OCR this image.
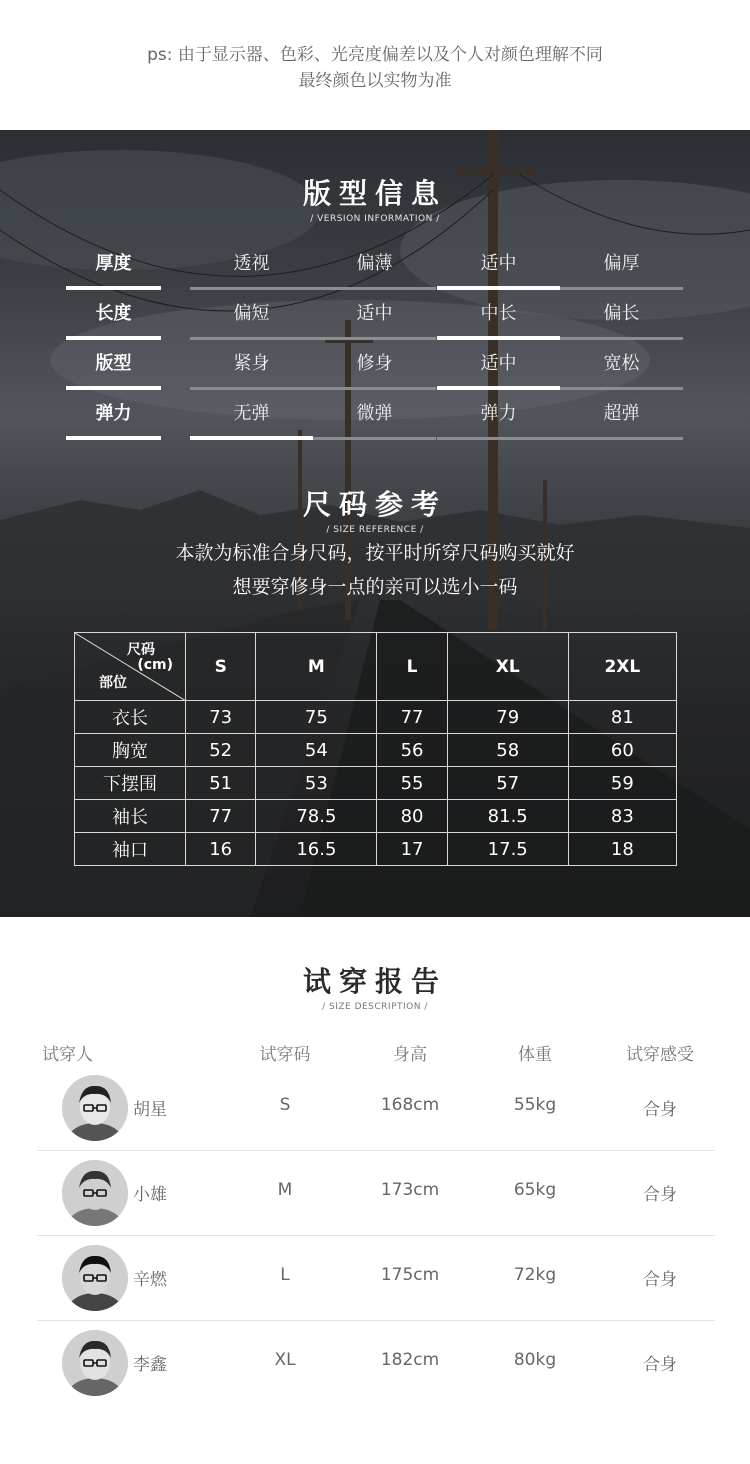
ps: 由于显示器、色彩、光亮度偏差以及个人对颜色理解不同
最终颜色以实物为准
版型信息
/ VERSION INFORMATION /
厚度	透视	偏薄	适中	偏厚
长度	偏短	适中	中长	偏长
版型	紧身	修身	适中	宽松
弹力	无弹	微弹	弹力	超弹
尺码参考
/ SIZE REFERENCE /
本款为标准合身尺码，按平时所穿尺码购买就好
想要穿修身一点的亲可以选小一码
尺码
(cm)
部位	S	M	L	XL	2XL
衣长	73	75	77	79	81
胸宽	52	54	56	58	60
下摆围	51	53	55	57	59
袖长	77	78.5	80	81.5	83
袖口	16	16.5	17	17.5	18
试穿报告
/ SIZE DESCRIPTION /
试穿人	试穿码	身高	体重	试穿感受
胡星	S	168cm	55kg	合身
小雄	M	173cm	65kg	合身
辛燃	L	175cm	72kg	合身
李鑫	XL	182cm	80kg	合身
